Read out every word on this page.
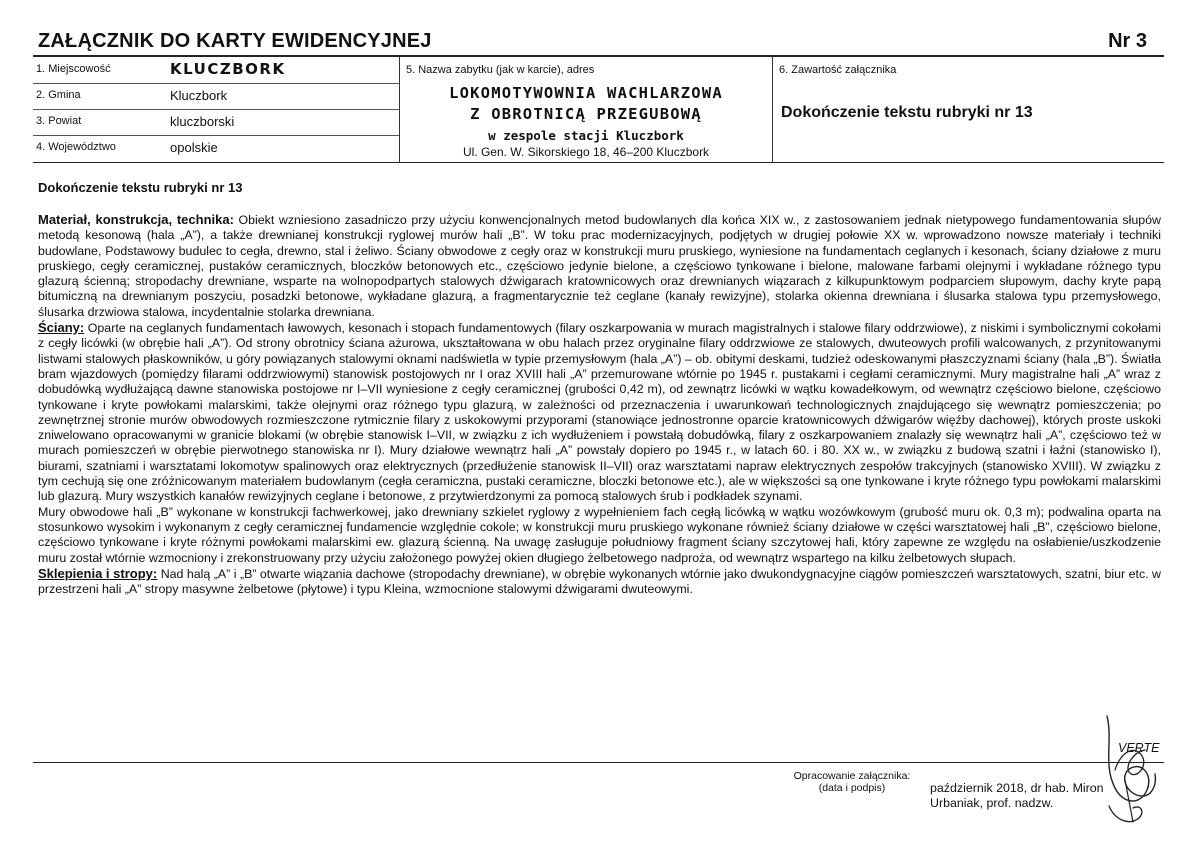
ZAŁĄCZNIK DO KARTY EWIDENCYJNEJ	Nr 3
1. Miejscowość	KLUCZBORK
2. Gmina	Kluczbork
3. Powiat	kluczborski
4. Województwo	opolskie
5. Nazwa zabytku (jak w karcie), adres
LOKOMOTYWOWNIA WACHLARZOWA
Z OBROTNICĄ PRZEGUBOWĄ
w zespole stacji Kluczbork
Ul. Gen. W. Sikorskiego 18, 46–200 Kluczbork
6. Zawartość załącznika
Dokończenie tekstu rubryki nr 13
Dokończenie tekstu rubryki nr 13

Materiał, konstrukcja, technika: Obiekt wzniesiono zasadniczo przy użyciu konwencjonalnych metod budowlanych dla końca XIX w., z zastosowaniem jednak nietypowego fundamentowania słupów metodą kesonową (hala „A”), a także drewnianej konstrukcji ryglowej murów hali „B”. W toku prac modernizacyjnych, podjętych w drugiej połowie XX w. wprowadzono nowsze materiały i techniki budowlane, Podstawowy budulec to cegła, drewno, stal i żeliwo. Ściany obwodowe z cegły oraz w konstrukcji muru pruskiego, wyniesione na fundamentach ceglanych i kesonach, ściany działowe z muru pruskiego, cegły ceramicznej, pustaków ceramicznych, bloczków betonowych etc., częściowo jedynie bielone, a częściowo tynkowane i bielone, malowane farbami olejnymi i wykładane różnego typu glazurą ścienną; stropodachy drewniane, wsparte na wolnopodpartych stalowych dźwigarach kratownicowych oraz drewnianych wiązarach z kilkupunktowym podparciem słupowym, dachy kryte papą bitumiczną na drewnianym poszyciu, posadzki betonowe, wykładane glazurą, a fragmentarycznie też ceglane (kanały rewizyjne), stolarka okienna drewniana i ślusarka stalowa typu przemysłowego, ślusarka drzwiowa stalowa, incydentalnie stolarka drewniana.

Ściany: Oparte na ceglanych fundamentach ławowych, kesonach i stopach fundamentowych (filary oszkarpowania w murach magistralnych i stalowe filary oddrzwiowe), z niskimi i symbolicznymi cokołami z cegły licówki (w obrębie hali „A”). Od strony obrotnicy ściana ażurowa, ukształtowana w obu halach przez oryginalne filary oddrzwiowe ze stalowych, dwuteowych profili walcowanych, z przynitowanymi listwami stalowych płaskowników, u góry powiązanych stalowymi oknami nadświetla w typie przemysłowym (hala „A”) – ob. obitymi deskami, tudzież odeskowanymi płaszczyznami ściany (hala „B”). Światła bram wjazdowych (pomiędzy filarami oddrzwiowymi) stanowisk postojowych nr I oraz XVIII hali „A” przemurowane wtórnie po 1945 r. pustakami i cegłami ceramicznymi. Mury magistralne hali „A” wraz z dobudówką wydłużającą dawne stanowiska postojowe nr I–VII wyniesione z cegły ceramicznej (grubości 0,42 m), od zewnątrz licówki w wątku kowadełkowym, od wewnątrz częściowo bielone, częściowo tynkowane i kryte powłokami malarskimi, także olejnymi oraz różnego typu glazurą, w zależności od przeznaczenia i uwarunkowań technologicznych znajdującego się wewnątrz pomieszczenia; po zewnętrznej stronie murów obwodowych rozmieszczone rytmicznie filary z uskokowymi przyporami (stanowiące jednostronne oparcie kratownicowych dźwigarów więźby dachowej), których proste uskoki zniwelowano opracowanymi w granicie blokami (w obrębie stanowisk I–VII, w związku z ich wydłużeniem i powstałą dobudówką, filary z oszkarpowaniem znalazły się wewnątrz hali „A”, częściowo też w murach pomieszczeń w obrębie pierwotnego stanowiska nr I). Mury działowe wewnątrz hali „A” powstały dopiero po 1945 r., w latach 60. i 80. XX w., w związku z budową szatni i łaźni (stanowisko I), biurami, szatniami i warsztatami lokomotyw spalinowych oraz elektrycznych (przedłużenie stanowisk II–VII) oraz warsztatami napraw elektrycznych zespołów trakcyjnych (stanowisko XVIII). W związku z tym cechują się one zróżnicowanym materiałem budowlanym (cegła ceramiczna, pustaki ceramiczne, bloczki betonowe etc.), ale w większości są one tynkowane i kryte różnego typu powłokami malarskimi lub glazurą. Mury wszystkich kanałów rewizyjnych ceglane i betonowe, z przytwierdzonymi za pomocą stalowych śrub i podkładek szynami.

Mury obwodowe hali „B” wykonane w konstrukcji fachwerkowej, jako drewniany szkielet ryglowy z wypełnieniem fach cegłą licówką w wątku wozówkowym (grubość muru ok. 0,3 m); podwalina oparta na stosunkowo wysokim i wykonanym z cegły ceramicznej fundamencie względnie cokole; w konstrukcji muru pruskiego wykonane również ściany działowe w części warsztatowej hali „B”, częściowo bielone, częściowo tynkowane i kryte różnymi powłokami malarskimi ew. glazurą ścienną. Na uwagę zasługuje południowy fragment ściany szczytowej hali, który zapewne ze względu na osłabienie/uszkodzenie muru został wtórnie wzmocniony i zrekonstruowany przy użyciu założonego powyżej okien długiego żelbetowego nadproża, od wewnątrz wspartego na kilku żelbetowych słupach.

Sklepienia i stropy: Nad halą „A” i „B” otwarte wiązania dachowe (stropodachy drewniane), w obrębie wykonanych wtórnie jako dwukondygnacyjne ciągów pomieszczeń warsztatowych, szatni, biur etc. w przestrzeni hali „A” stropy masywne żelbetowe (płytowe) i typu Kleina, wzmocnione stalowymi dźwigarami dwuteowymi.

VERTE
Opracowanie załącznika:
(data i podpis)	październik 2018, dr hab. Miron
Urbaniak, prof. nadzw.
